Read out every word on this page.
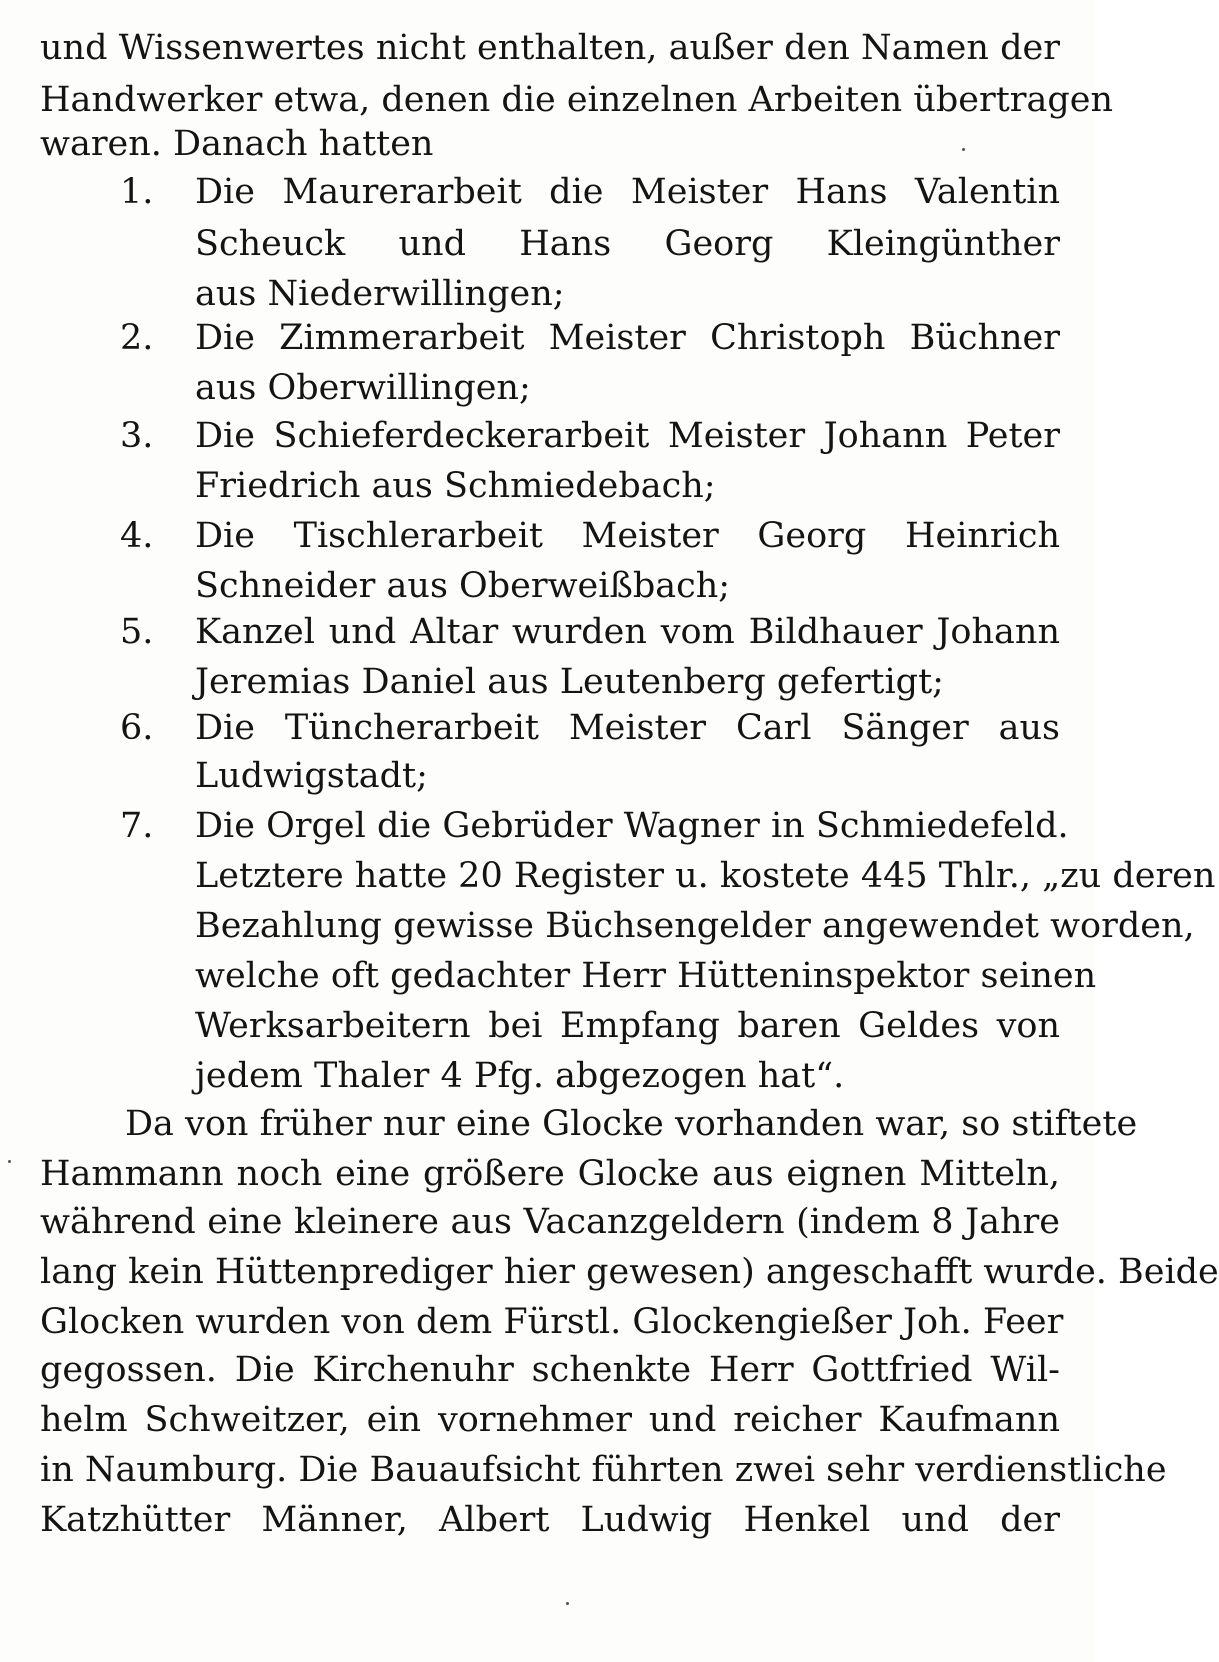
und Wissenwertes nicht enthalten, außer den Namen der
Handwerker etwa, denen die einzelnen Arbeiten übertragen
waren. Danach hatten
1.	Die Maurerarbeit die Meister Hans Valentin
Scheuck und Hans Georg Kleingünther
aus Niederwillingen;
2.	Die Zimmerarbeit Meister Christoph Büchner
aus Oberwillingen;
3.	Die Schieferdeckerarbeit Meister Johann Peter
Friedrich aus Schmiedebach;
4.	Die Tischlerarbeit Meister Georg Heinrich
Schneider aus Oberweißbach;
5.	Kanzel und Altar wurden vom Bildhauer Johann
Jeremias Daniel aus Leutenberg gefertigt;
6.	Die Tüncherarbeit Meister Carl Sänger aus
Ludwigstadt;
7.	Die Orgel die Gebrüder Wagner in Schmiedefeld.
Letztere hatte 20 Register u. kostete 445 Thlr., „zu deren
Bezahlung gewisse Büchsengelder angewendet worden,
welche oft gedachter Herr Hütteninspektor seinen
Werksarbeitern bei Empfang baren Geldes von
jedem Thaler 4 Pfg. abgezogen hat“.
Da von früher nur eine Glocke vorhanden war, so stiftete
Hammann noch eine größere Glocke aus eignen Mitteln,
während eine kleinere aus Vacanzgeldern (indem 8 Jahre
lang kein Hüttenprediger hier gewesen) angeschafft wurde. Beide
Glocken wurden von dem Fürstl. Glockengießer Joh. Feer
gegossen. Die Kirchenuhr schenkte Herr Gottfried Wil-
helm Schweitzer, ein vornehmer und reicher Kaufmann
in Naumburg. Die Bauaufsicht führten zwei sehr verdienstliche
Katzhütter Männer, Albert Ludwig Henkel und der
